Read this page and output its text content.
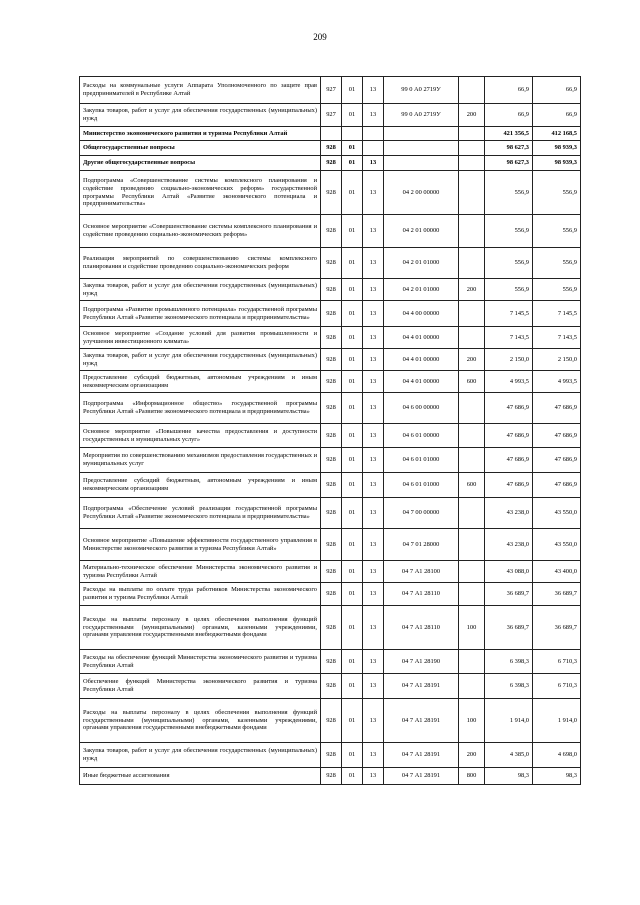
209
Расходы на коммунальные услуги Аппарата Уполномоченного по защите прав предпринимателей в Республике Алтай	927	01	13	99 0 А0 2719У		66,9	66,9
Закупка товаров, работ и услуг для обеспечения государственных (муниципальных) нужд	927	01	13	99 0 А0 2719У	200	66,9	66,9
Министерство экономического развития и туризма Республики Алтай						421 356,5	412 168,5
Общегосударственные вопросы	928	01				98 627,3	98 939,3
Другие общегосударственные вопросы	928	01	13			98 627,3	98 939,3
Подпрограмма «Совершенствование системы комплексного планирования и содействие проведению социально-экономических реформ» государственной программы Республики Алтай «Развитие экономического потенциала и предпринимательства»	928	01	13	04 2 00 00000		556,9	556,9
Основное мероприятие «Совершенствование системы комплексного планирования и содействие проведению социально-экономических реформ»	928	01	13	04 2 01 00000		556,9	556,9
Реализация мероприятий по совершенствованию системы комплексного планирования и содействие проведению социально-экономических реформ	928	01	13	04 2 01 01000		556,9	556,9
Закупка товаров, работ и услуг для обеспечения государственных (муниципальных) нужд	928	01	13	04 2 01 01000	200	556,9	556,9
Подпрограмма «Развитие промышленного потенциала» государственной программы Республики Алтай «Развитие экономического потенциала и предпринимательства»	928	01	13	04 4 00 00000		7 145,5	7 145,5
Основное мероприятие «Создание условий для развития промышленности и улучшения инвестиционного климата»	928	01	13	04 4 01 00000		7 143,5	7 143,5
Закупка товаров, работ и услуг для обеспечения государственных (муниципальных) нужд	928	01	13	04 4 01 00000	200	2 150,0	2 150,0
Предоставление субсидий бюджетным, автономным учреждениям и иным некоммерческим организациям	928	01	13	04 4 01 00000	600	4 993,5	4 993,5
Подпрограмма «Информационное общество» государственной программы Республики Алтай «Развитие экономического потенциала и предпринимательства»	928	01	13	04 6 00 00000		47 686,9	47 686,9
Основное мероприятие «Повышение качества предоставления и доступности государственных и муниципальных услуг»	928	01	13	04 6 01 00000		47 686,9	47 686,9
Мероприятия по совершенствованию механизмов предоставления государственных и муниципальных услуг	928	01	13	04 6 01 01000		47 686,9	47 686,9
Предоставление субсидий бюджетным, автономным учреждениям и иным некоммерческим организациям	928	01	13	04 6 01 01000	600	47 686,9	47 686,9
Подпрограмма «Обеспечение условий реализации государственной программы Республики Алтай «Развитие экономического потенциала и предпринимательства»	928	01	13	04 7 00 00000		43 238,0	43 550,0
Основное мероприятие «Повышение эффективности государственного управления в Министерстве экономического развития и туризма Республики Алтай»	928	01	13	04 7 01 28000		43 238,0	43 550,0
Материально-техническое обеспечение Министерства экономического развития и туризма Республики Алтай	928	01	13	04 7 А1 28100		43 088,0	43 400,0
Расходы на выплаты по оплате труда работников Министерства экономического развития и туризма Республики Алтай	928	01	13	04 7 А1 28110		36 689,7	36 689,7
Расходы на выплаты персоналу в целях обеспечения выполнения функций государственными (муниципальными) органами, казенными учреждениями, органами управления государственными внебюджетными фондами	928	01	13	04 7 А1 28110	100	36 689,7	36 689,7
Расходы на обеспечение функций Министерства экономического развития и туризма Республики Алтай	928	01	13	04 7 А1 28190		6 398,3	6 710,3
Обеспечение функций Министерства экономического развития и туризма Республики Алтай	928	01	13	04 7 А1 28191		6 398,3	6 710,3
Расходы на выплаты персоналу в целях обеспечения выполнения функций государственными (муниципальными) органами, казенными учреждениями, органами управления государственными внебюджетными фондами	928	01	13	04 7 А1 28191	100	1 914,0	1 914,0
Закупка товаров, работ и услуг для обеспечения государственных (муниципальных) нужд	928	01	13	04 7 А1 28191	200	4 385,0	4 698,0
Иные бюджетные ассигнования	928	01	13	04 7 А1 28191	800	98,3	98,3
